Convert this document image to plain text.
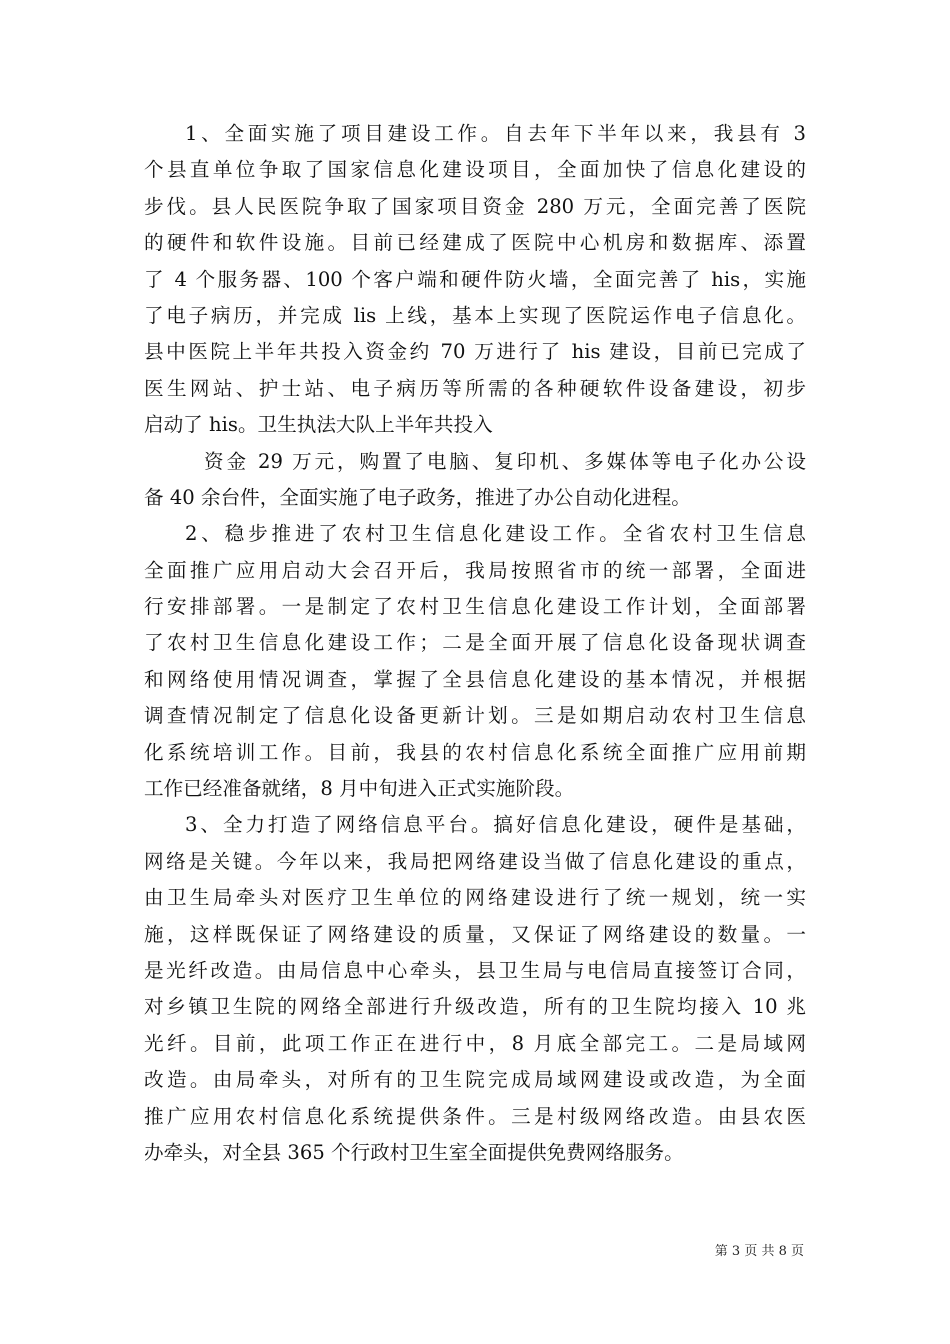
1、全面实施了项目建设工作。自去年下半年以来，我县有 3
个县直单位争取了国家信息化建设项目，全面加快了信息化建设的
步伐。县人民医院争取了国家项目资金 280 万元，全面完善了医院
的硬件和软件设施。目前已经建成了医院中心机房和数据库、添置
了 4 个服务器、100 个客户端和硬件防火墙，全面完善了 his，实施
了电子病历，并完成 lis 上线，基本上实现了医院运作电子信息化。
县中医院上半年共投入资金约 70 万进行了 his 建设，目前已完成了
医生网站、护士站、电子病历等所需的各种硬软件设备建设，初步
启动了 his。卫生执法大队上半年共投入
资金 29 万元，购置了电脑、复印机、多媒体等电子化办公设
备 40 余台件，全面实施了电子政务，推进了办公自动化进程。
2、稳步推进了农村卫生信息化建设工作。全省农村卫生信息
全面推广应用启动大会召开后，我局按照省市的统一部署，全面进
行安排部署。一是制定了农村卫生信息化建设工作计划，全面部署
了农村卫生信息化建设工作；二是全面开展了信息化设备现状调查
和网络使用情况调查，掌握了全县信息化建设的基本情况，并根据
调查情况制定了信息化设备更新计划。三是如期启动农村卫生信息
化系统培训工作。目前，我县的农村信息化系统全面推广应用前期
工作已经准备就绪，8 月中旬进入正式实施阶段。
3、全力打造了网络信息平台。搞好信息化建设，硬件是基础，
网络是关键。今年以来，我局把网络建设当做了信息化建设的重点，
由卫生局牵头对医疗卫生单位的网络建设进行了统一规划，统一实
施，这样既保证了网络建设的质量，又保证了网络建设的数量。一
是光纤改造。由局信息中心牵头，县卫生局与电信局直接签订合同，
对乡镇卫生院的网络全部进行升级改造，所有的卫生院均接入 10 兆
光纤。目前，此项工作正在进行中，8 月底全部完工。二是局域网
改造。由局牵头，对所有的卫生院完成局域网建设或改造，为全面
推广应用农村信息化系统提供条件。三是村级网络改造。由县农医
办牵头，对全县 365 个行政村卫生室全面提供免费网络服务。
第 3 页 共 8 页
